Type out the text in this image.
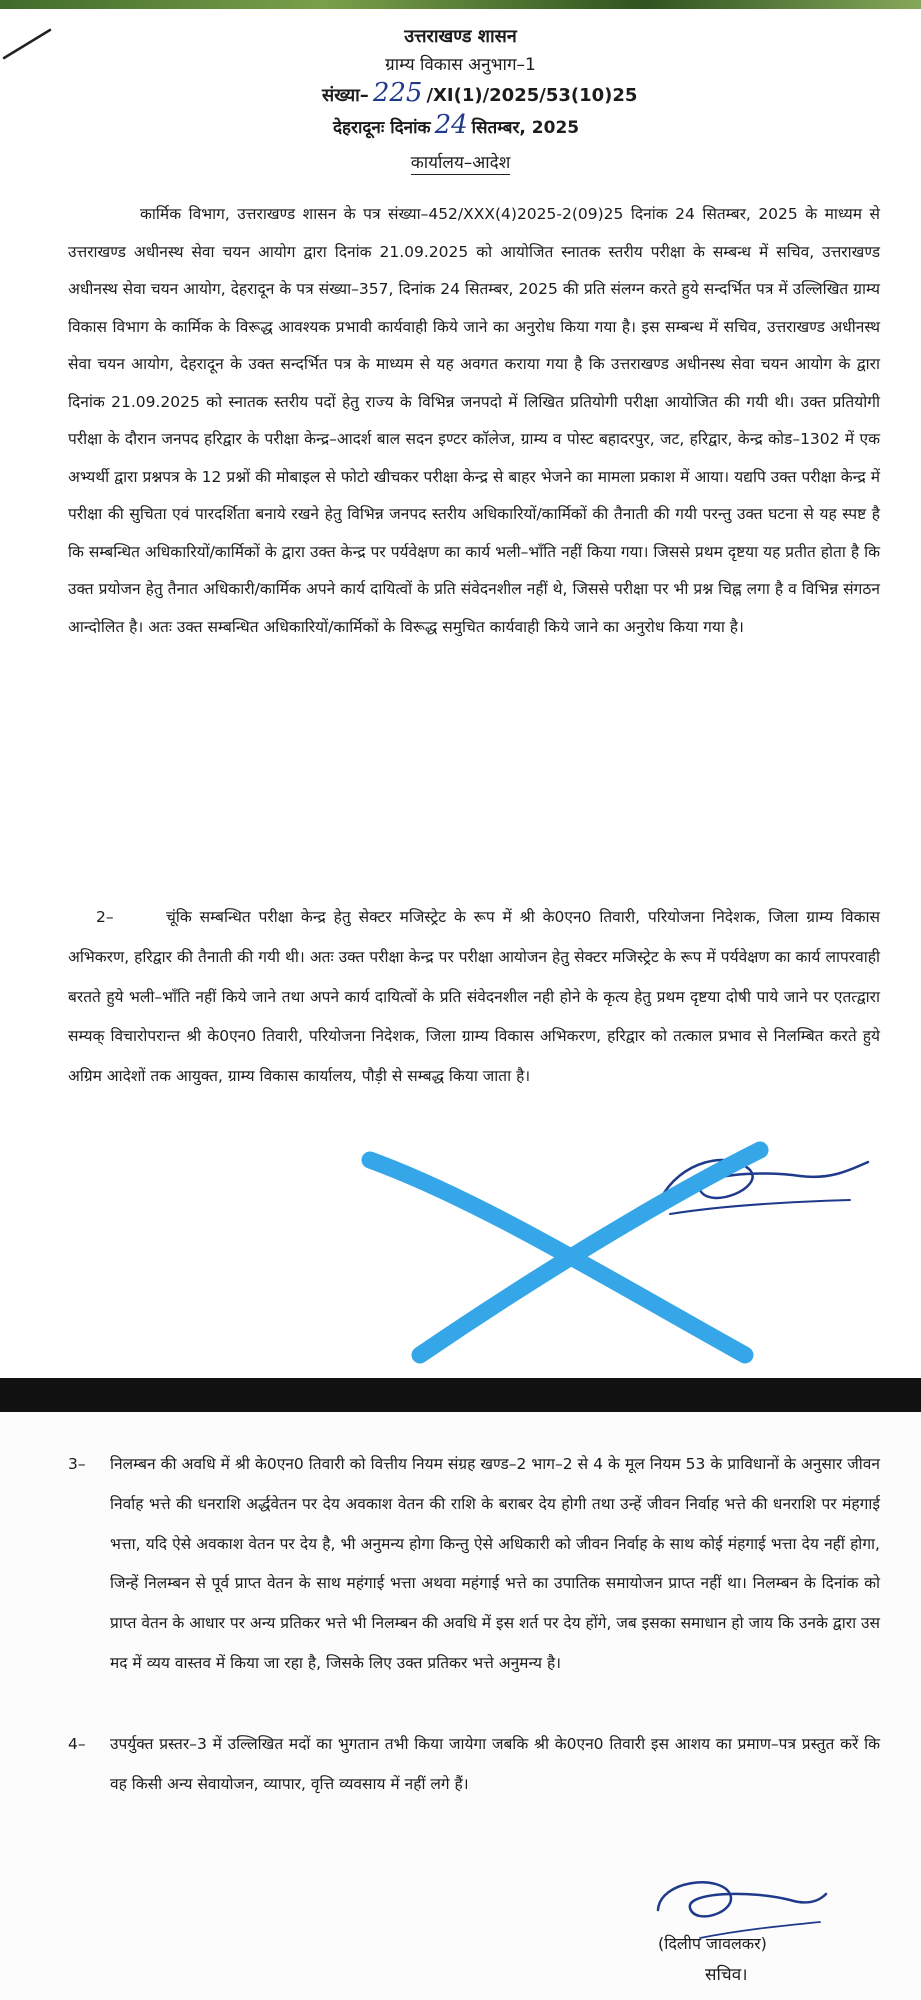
उत्तराखण्ड शासन
ग्राम्य विकास अनुभाग–1
संख्या– 225 /XI(1)/2025/53(10)25
देहरादूनः दिनांक 24 सितम्बर, 2025
कार्यालय–आदेश

कार्मिक विभाग, उत्तराखण्ड शासन के पत्र संख्या–452/XXX(4)2025-2(09)25 दिनांक 24 सितम्बर, 2025 के माध्यम से उत्तराखण्ड अधीनस्थ सेवा चयन आयोग द्वारा दिनांक 21.09.2025 को आयोजित स्नातक स्तरीय परीक्षा के सम्बन्ध में सचिव, उत्तराखण्ड अधीनस्थ सेवा चयन आयोग, देहरादून के पत्र संख्या–357, दिनांक 24 सितम्बर, 2025 की प्रति संलग्न करते हुये सन्दर्भित पत्र में उल्लिखित ग्राम्य विकास विभाग के कार्मिक के विरूद्ध आवश्यक प्रभावी कार्यवाही किये जाने का अनुरोध किया गया है। इस सम्बन्ध में सचिव, उत्तराखण्ड अधीनस्थ सेवा चयन आयोग, देहरादून के उक्त सन्दर्भित पत्र के माध्यम से यह अवगत कराया गया है कि उत्तराखण्ड अधीनस्थ सेवा चयन आयोग के द्वारा दिनांक 21.09.2025 को स्नातक स्तरीय पदों हेतु राज्य के विभिन्न जनपदो में लिखित प्रतियोगी परीक्षा आयोजित की गयी थी। उक्त प्रतियोगी परीक्षा के दौरान जनपद हरिद्वार के परीक्षा केन्द्र–आदर्श बाल सदन इण्टर कॉलेज, ग्राम्य व पोस्ट बहादरपुर, जट, हरिद्वार, केन्द्र कोड–1302 में एक अभ्यर्थी द्वारा प्रश्नपत्र के 12 प्रश्नों की मोबाइल से फोटो खीचकर परीक्षा केन्द्र से बाहर भेजने का मामला प्रकाश में आया। यद्यपि उक्त परीक्षा केन्द्र में परीक्षा की सुचिता एवं पारदर्शिता बनाये रखने हेतु विभिन्न जनपद स्तरीय अधिकारियों/कार्मिकों की तैनाती की गयी परन्तु उक्त घटना से यह स्पष्ट है कि सम्बन्धित अधिकारियों/कार्मिकों के द्वारा उक्त केन्द्र पर पर्यवेक्षण का कार्य भली–भाँति नहीं किया गया। जिससे प्रथम दृष्टया यह प्रतीत होता है कि उक्त प्रयोजन हेतु तैनात अधिकारी/कार्मिक अपने कार्य दायित्वों के प्रति संवेदनशील नहीं थे, जिससे परीक्षा पर भी प्रश्न चिह्न लगा है व विभिन्न संगठन आन्दोलित है। अतः उक्त सम्बन्धित अधिकारियों/कार्मिकों के विरूद्ध समुचित कार्यवाही किये जाने का अनुरोध किया गया है।

2–	चूंकि सम्बन्धित परीक्षा केन्द्र हेतु सेक्टर मजिस्ट्रेट के रूप में श्री के0एन0 तिवारी, परियोजना निदेशक, जिला ग्राम्य विकास अभिकरण, हरिद्वार की तैनाती की गयी थी। अतः उक्त परीक्षा केन्द्र पर परीक्षा आयोजन हेतु सेक्टर मजिस्ट्रेट के रूप में पर्यवेक्षण का कार्य लापरवाही बरतते हुये भली–भाँति नहीं किये जाने तथा अपने कार्य दायित्वों के प्रति संवेदनशील नही होने के कृत्य हेतु प्रथम दृष्टया दोषी पाये जाने पर एतत्द्वारा सम्यक् विचारोपरान्त श्री के0एन0 तिवारी, परियोजना निदेशक, जिला ग्राम्य विकास अभिकरण, हरिद्वार को तत्काल प्रभाव से निलम्बित करते हुये अग्रिम आदेशों तक आयुक्त, ग्राम्य विकास कार्यालय, पौड़ी से सम्बद्ध किया जाता है।

3– निलम्बन की अवधि में श्री के0एन0 तिवारी को वित्तीय नियम संग्रह खण्ड–2 भाग–2 से 4 के मूल नियम 53 के प्राविधानों के अनुसार जीवन निर्वाह भत्ते की धनराशि अर्द्धवेतन पर देय अवकाश वेतन की राशि के बराबर देय होगी तथा उन्हें जीवन निर्वाह भत्ते की धनराशि पर मंहगाई भत्ता, यदि ऐसे अवकाश वेतन पर देय है, भी अनुमन्य होगा किन्तु ऐसे अधिकारी को जीवन निर्वाह के साथ कोई मंहगाई भत्ता देय नहीं होगा, जिन्हें निलम्बन से पूर्व प्राप्त वेतन के साथ महंगाई भत्ता अथवा महंगाई भत्ते का उपातिक समायोजन प्राप्त नहीं था। निलम्बन के दिनांक को प्राप्त वेतन के आधार पर अन्य प्रतिकर भत्ते भी निलम्बन की अवधि में इस शर्त पर देय होंगे, जब इसका समाधान हो जाय कि उनके द्वारा उस मद में व्यय वास्तव में किया जा रहा है, जिसके लिए उक्त प्रतिकर भत्ते अनुमन्य है।

4– उपर्युक्त प्रस्तर–3 में उल्लिखित मदों का भुगतान तभी किया जायेगा जबकि श्री के0एन0 तिवारी इस आशय का प्रमाण–पत्र प्रस्तुत करें कि वह किसी अन्य सेवायोजन, व्यापार, वृत्ति व्यवसाय में नहीं लगे हैं।

(दिलीप जावलकर)
सचिव।
